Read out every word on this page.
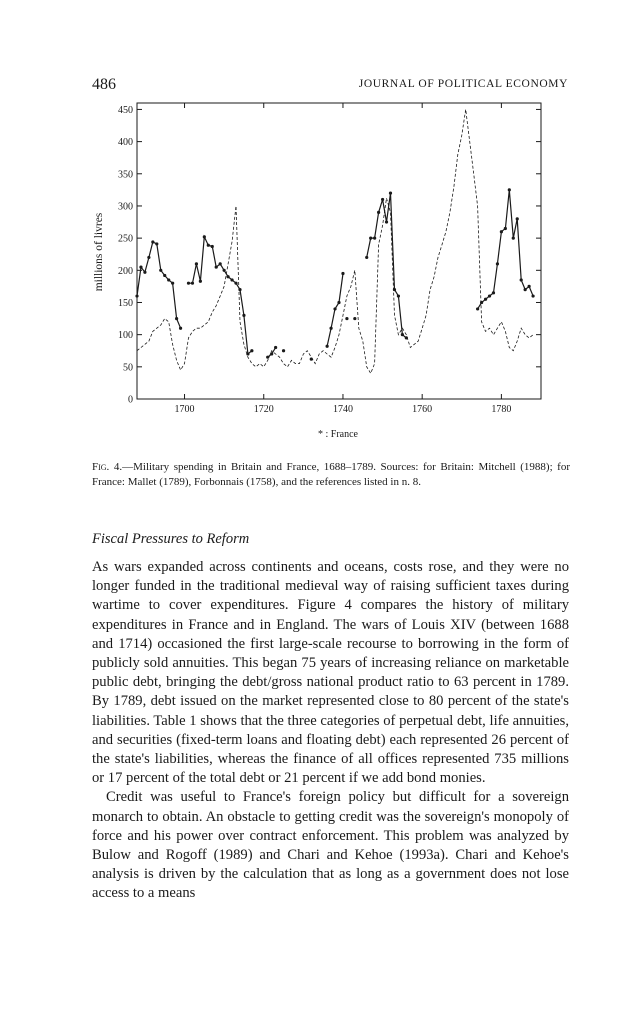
486	JOURNAL OF POLITICAL ECONOMY
0
50
100
150
200
250
300
350
400
450
1700	1720	1740	1760	1780
millions of livres
* : France
Fig. 4.—Military spending in Britain and France, 1688–1789. Sources: for Britain: Mitchell (1988); for France: Mallet (1789), Forbonnais (1758), and the references listed in n. 8.
Fiscal Pressures to Reform

As wars expanded across continents and oceans, costs rose, and they were no longer funded in the traditional medieval way of raising sufficient taxes during wartime to cover expenditures. Figure 4 compares the history of military expenditures in France and in England. The wars of Louis XIV (between 1688 and 1714) occasioned the first large-scale recourse to borrowing in the form of publicly sold annuities. This began 75 years of increasing reliance on marketable public debt, bringing the debt/gross national product ratio to 63 percent in 1789. By 1789, debt issued on the market represented close to 80 percent of the state's liabilities. Table 1 shows that the three categories of perpetual debt, life annuities, and securities (fixed-term loans and floating debt) each represented 26 percent of the state's liabilities, whereas the finance of all offices represented 735 millions or 17 percent of the total debt or 21 percent if we add bond monies.

Credit was useful to France's foreign policy but difficult for a sovereign monarch to obtain. An obstacle to getting credit was the sovereign's monopoly of force and his power over contract enforcement. This problem was analyzed by Bulow and Rogoff (1989) and Chari and Kehoe (1993a). Chari and Kehoe's analysis is driven by the calculation that as long as a government does not lose access to a means
